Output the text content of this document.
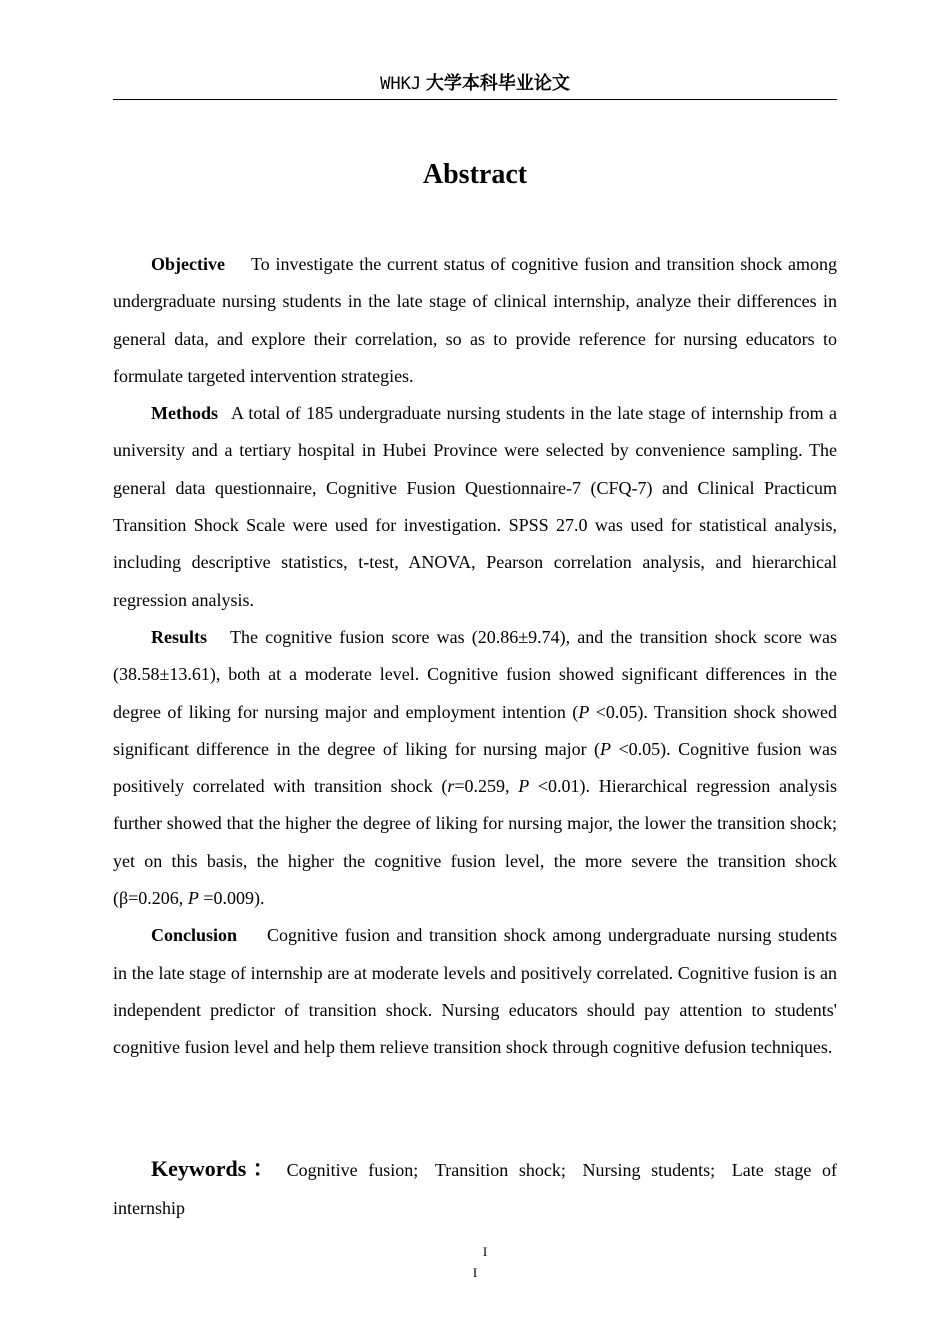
WHKJ 大学本科毕业论文
Abstract

Objective To investigate the current status of cognitive fusion and transition shock among undergraduate nursing students in the late stage of clinical internship, analyze their differences in general data, and explore their correlation, so as to provide reference for nursing educators to formulate targeted intervention strategies.

Methods A total of 185 undergraduate nursing students in the late stage of internship from a university and a tertiary hospital in Hubei Province were selected by convenience sampling. The general data questionnaire, Cognitive Fusion Questionnaire-7 (CFQ-7) and Clinical Practicum Transition Shock Scale were used for investigation. SPSS 27.0 was used for statistical analysis, including descriptive statistics, t-test, ANOVA, Pearson correlation analysis, and hierarchical regression analysis.

Results The cognitive fusion score was (20.86±9.74), and the transition shock score was (38.58±13.61), both at a moderate level. Cognitive fusion showed significant differences in the degree of liking for nursing major and employment intention (P <0.05). Transition shock showed significant difference in the degree of liking for nursing major (P <0.05). Cognitive fusion was positively correlated with transition shock (r=0.259, P <0.01). Hierarchical regression analysis further showed that the higher the degree of liking for nursing major, the lower the transition shock; yet on this basis, the higher the cognitive fusion level, the more severe the transition shock (β=0.206, P =0.009).

Conclusion Cognitive fusion and transition shock among undergraduate nursing students in the late stage of internship are at moderate levels and positively correlated. Cognitive fusion is an independent predictor of transition shock. Nursing educators should pay attention to students' cognitive fusion level and help them relieve transition shock through cognitive defusion techniques.

Keywords： Cognitive fusion; Transition shock; Nursing students; Late stage of internship
I
I
